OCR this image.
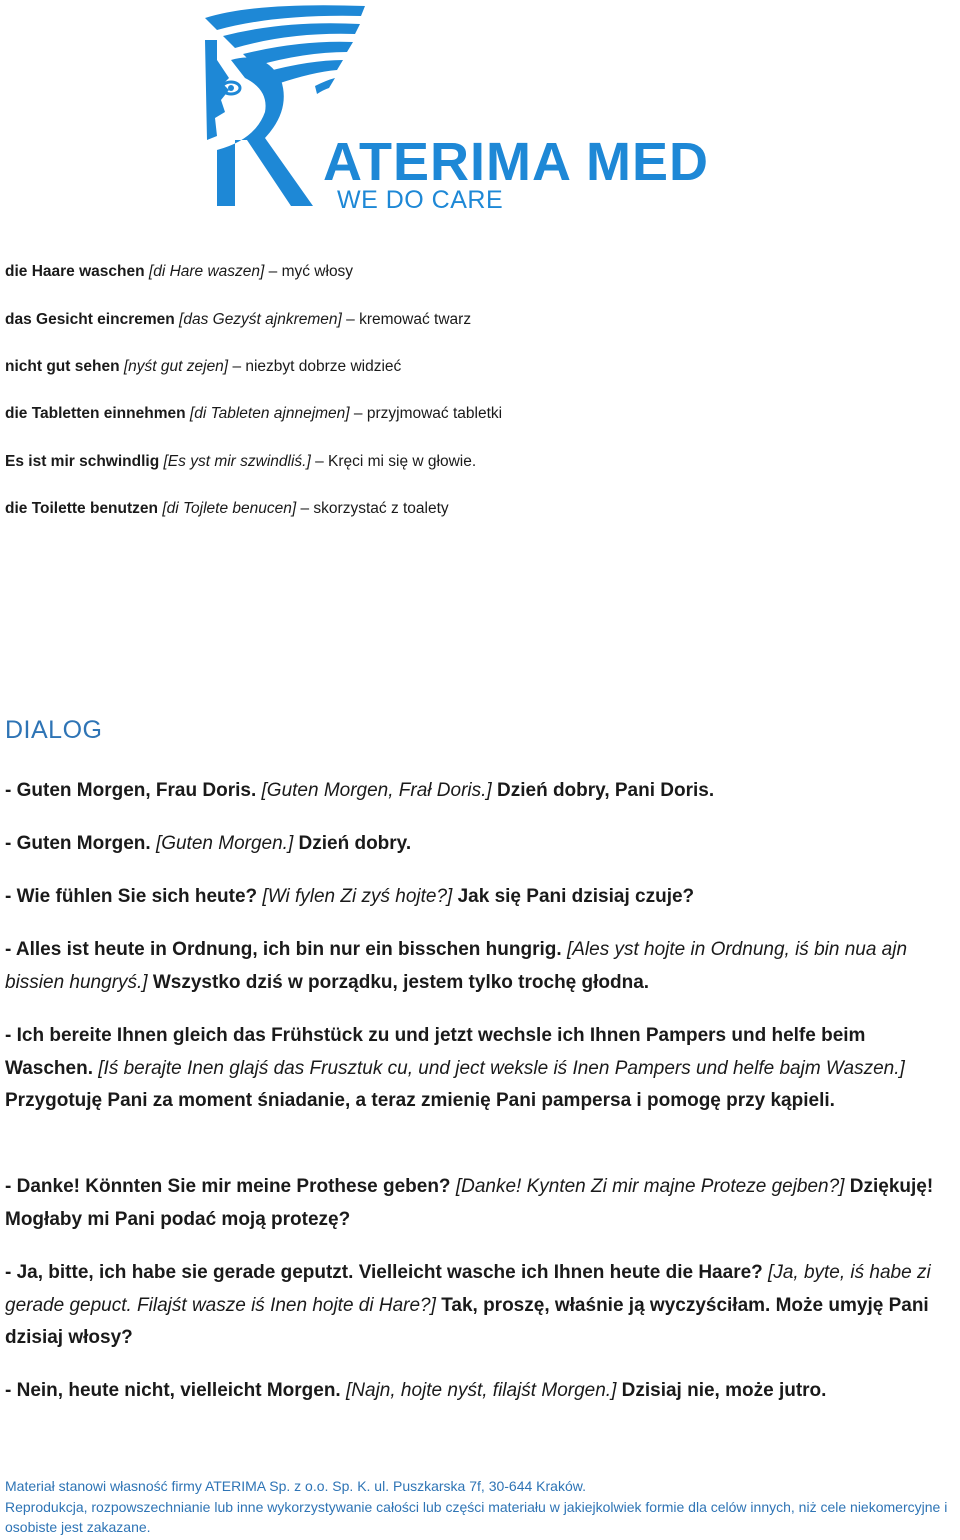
ATERIMA MED
WE DO CARE
die Haare waschen [di Hare waszen] – myć włosy
das Gesicht eincremen [das Gezyśt ajnkremen] – kremować twarz
nicht gut sehen [nyśt gut zejen] – niezbyt dobrze widzieć
die Tabletten einnehmen [di Tableten ajnnejmen] – przyjmować tabletki
Es ist mir schwindlig [Es yst mir szwindliś.] – Kręci mi się w głowie.
die Toilette benutzen [di Tojlete benucen] – skorzystać z toalety
DIALOG
- Guten Morgen, Frau Doris. [Guten Morgen, Frał Doris.] Dzień dobry, Pani Doris.
- Guten Morgen. [Guten Morgen.] Dzień dobry.
- Wie fühlen Sie sich heute? [Wi fylen Zi zyś hojte?] Jak się Pani dzisiaj czuje?
- Alles ist heute in Ordnung, ich bin nur ein bisschen hungrig. [Ales yst hojte in Ordnung, iś bin nua ajn bissien hungryś.] Wszystko dziś w porządku, jestem tylko trochę głodna.
- Ich bereite Ihnen gleich das Frühstück zu und jetzt wechsle ich Ihnen Pampers und helfe beim Waschen. [Iś berajte Inen glajś das Frusztuk cu, und ject weksle iś Inen Pampers und helfe bajm Waszen.] Przygotuję Pani za moment śniadanie, a teraz zmienię Pani pampersa i pomogę przy kąpieli.
- Danke! Könnten Sie mir meine Prothese geben? [Danke! Kynten Zi mir majne Proteze gejben?] Dziękuję! Mogłaby mi Pani podać moją protezę?
- Ja, bitte, ich habe sie gerade geputzt. Vielleicht wasche ich Ihnen heute die Haare? [Ja, byte, iś habe zi gerade gepuct. Filajśt wasze iś Inen hojte di Hare?] Tak, proszę, właśnie ją wyczyściłam. Może umyję Pani dzisiaj włosy?
- Nein, heute nicht, vielleicht Morgen. [Najn, hojte nyśt, filajśt Morgen.] Dzisiaj nie, może jutro.
Materiał stanowi własność firmy ATERIMA Sp. z o.o. Sp. K. ul. Puszkarska 7f, 30-644 Kraków.
Reprodukcja, rozpowszechnianie lub inne wykorzystywanie całości lub części materiału w jakiejkolwiek formie dla celów innych, niż cele niekomercyjne i osobiste jest zakazane.
